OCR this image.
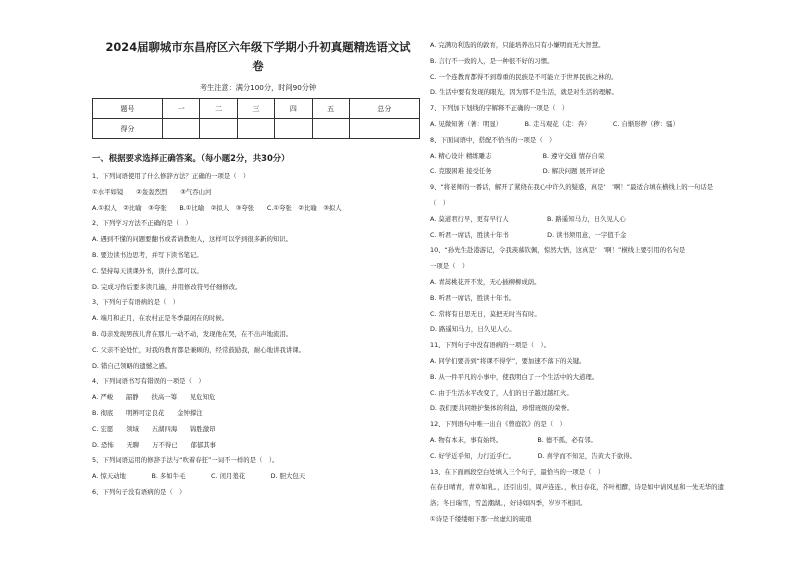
2024届聊城市东昌府区六年级下学期小升初真题精选语文试
卷
考生注意：满分100分，时间90分钟
题号	一	二	三	四	五	总分
得分						
一、根据要求选择正确答案。（每小题2分，共30分）
1、下列词语使用了什么修辞方法？正确的一项是（　）
①水平如镜　　②轰轰烈烈　　③气吞山河
A.①拟人　②比喻　③夸张　　B.①比喻　②拟人　③夸张　　C.①夸张　②比喻　③拟人
2、下列学习方法不正确的是（　）
A. 遇到不懂的问题要翻书或者请教他人，这样可以学到很多新的知识。
B. 要边读书边思考，并写下读书笔记。
C. 坚持每天读课外书，读什么都可以。
D. 完成习作后要多读几遍，并用修改符号仔细修改。
3、下列句子有语病的是（　）
A. 端月和正月，在农村正是冬季最闲在的时候。
B. 母亲发现男孩儿背在那儿一动不动，发现他在哭，在不出声地流泪。
C. 父亲不论处忙，对我的教育都是兼顾的，经常鼓励我，耐心地讲我讲课。
D. 错自己领略的遗憾之感。
4、下列词语书写有错误的一项是（　）
A. 严峻　　韶静　　扶高一筹　　见危知危
B. 彻底　　明辨可定良花　　金钟撑注
C. 宏愿　　领域　　五湖四海　　锦胜激昂
D. 恐怖　　无聊　　万不得已　　郁郁其事
5、下列词语运用的修辞手法与“吹着春狂”一词不一样的是（　）。
A. 惊天动地　　　　B. 多如牛毛　　　　C. 闭月羞花　　　　D. 胆大包天
6、下列句子没有语病的是（　）
A. 完满功利选的的敦育，只能培养出只有小嫌明而无大智慧。
B. 言行不一致的人，是一种很不好的习惯。
C. 一个连教育都得不到尊重的民族是不可能立于世界民族之林的。
D. 生活中要有发现的眼光，因为那不是生活，就是对生活的理解。
7、下列加下划线的字解释不正确的一项是（　）
A. 见微知著（著：明显）　　　　B. 走马观花（走：奔）　　　　C. 自惭形秽（秽：骚）
8、下面词语中，搭配不恰当的一项是（　）
A. 精心设计 精练雕志　　　　　　　　B. 遵守交通 情存自荣
C. 克服困难 接受任务　　　　　　　　D. 解决问题 展开评论
9、“将老师的一番话，解开了紧绕在我心中许久的疑惑，真是‘　’啊！”最适合填在横线上的一句话是
（　）
A. 莫道君行早，更有早行人　　　　　　B. 路遥知马力，日久见人心
C. 听君一席话，胜读十年书　　　　　　D. 读书须用意，一字值千金
10、“孙先生赴港游记，令我羡慕钦佩，惊然大悟，这真是‘　’啊！”横线上要引用的名句是
一项是（　）
A. 青蒿桃花开不发，无心插柳柳成荫。
B. 听君一席话，胜读十年书。
C. 常将有日思无日，莫把无时当有时。
D. 路遥知马力，日久见人心。
11、下列句子中没有语病的一项是（　）。
A. 同学们要善到“将课不得学”，要加速不落下的关键。
B. 从一件平凡的小事中，使我明白了一个生活中的大道理。
C. 由于生活水平改变了，人们的日子越过越红火。
D. 我们要共同维护集体的利益，珍惜班级的荣誉。
12、下列语句中唯一出自《曾庭钦》的是（　）
A. 物有本末，事有始终。　　　　　　B. 德不孤，必有邻。
C. 好学近乎知，力行近乎仁。　　　　D. 喜学而不知足，告黄大千欲得。
13、在下面画段空白处填入三个句子，最恰当的一项是（　）
在春日晴青，青草如乳。，还引出引，周声连连。，秋日春花，芥叶相酵，诗是如中请风星和一先无华的遗
洛；冬日瑞雪，雪盖潮湖。，好诗如四季，岁岁不相同。
①诗是千缕缕细下那一丝虚幻的琉琅
